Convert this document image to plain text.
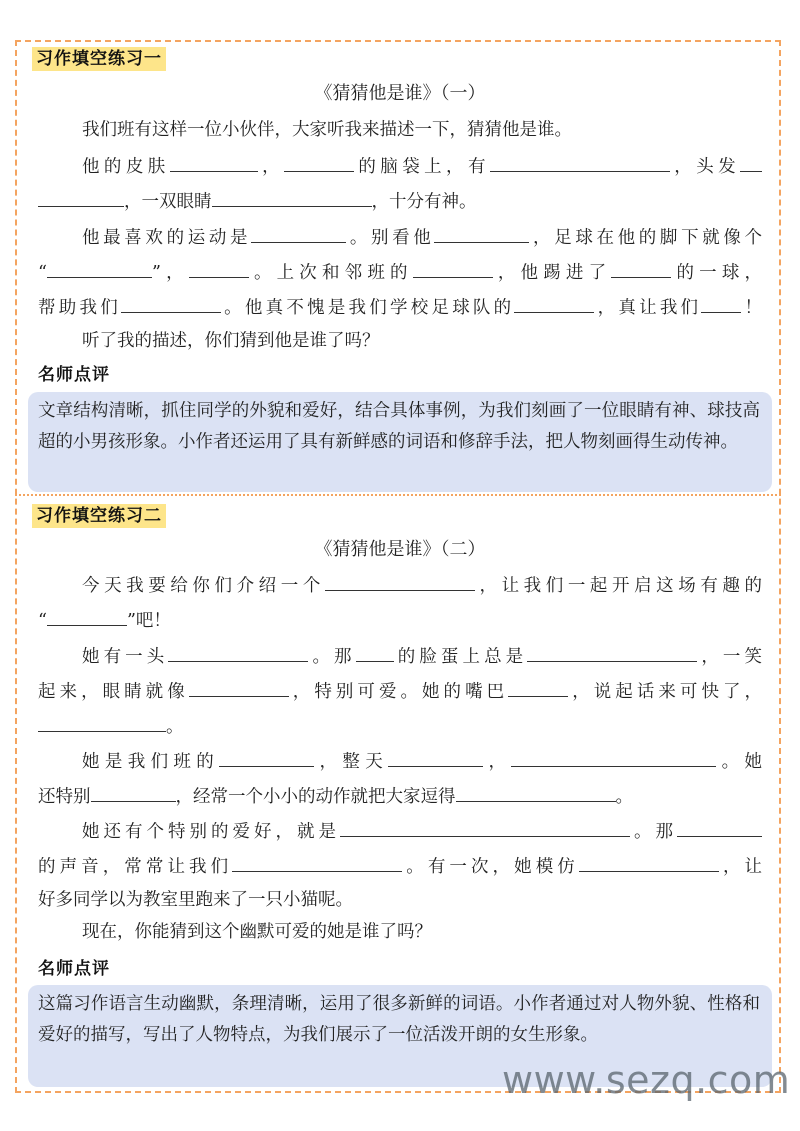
习作填空练习一
《猜猜他是谁》（一）
我们班有这样一位小伙伴，大家听我来描述一下，猜猜他是谁。
他的皮肤	，	的脑袋上，有	，头发
，一双眼睛	，十分有神。
他最喜欢的运动是	。别看他	，足球在他的脚下就像个
“	”，	。上次和邻班的	，他踢进了	的一球，
帮助我们	。他真不愧是我们学校足球队的	，真让我们 ！
听了我的描述，你们猜到他是谁了吗？
名师点评
文章结构清晰，抓住同学的外貌和爱好，结合具体事例，为我们刻画了一位眼睛有神、球技高超的小男孩形象。小作者还运用了具有新鲜感的词语和修辞手法，把人物刻画得生动传神。
习作填空练习二
《猜猜他是谁》（二）
今天我要给你们介绍一个	，让我们一起开启这场有趣的
“	”吧！
她有一头	。那 的脸蛋上总是	，一笑
起来，眼睛就像	，特别可爱。她的嘴巴	，说起话来可快了，
。
她是我们班的	，整天	，	。她
还特别	，经常一个小小的动作就把大家逗得	。
她还有个特别的爱好，就是	。那
的声音，常常让我们	。有一次，她模仿	，让
好多同学以为教室里跑来了一只小猫呢。
现在，你能猜到这个幽默可爱的她是谁了吗？
名师点评
这篇习作语言生动幽默，条理清晰，运用了很多新鲜的词语。小作者通过对人物外貌、性格和爱好的描写，写出了人物特点，为我们展示了一位活泼开朗的女生形象。
www.sezq.com
